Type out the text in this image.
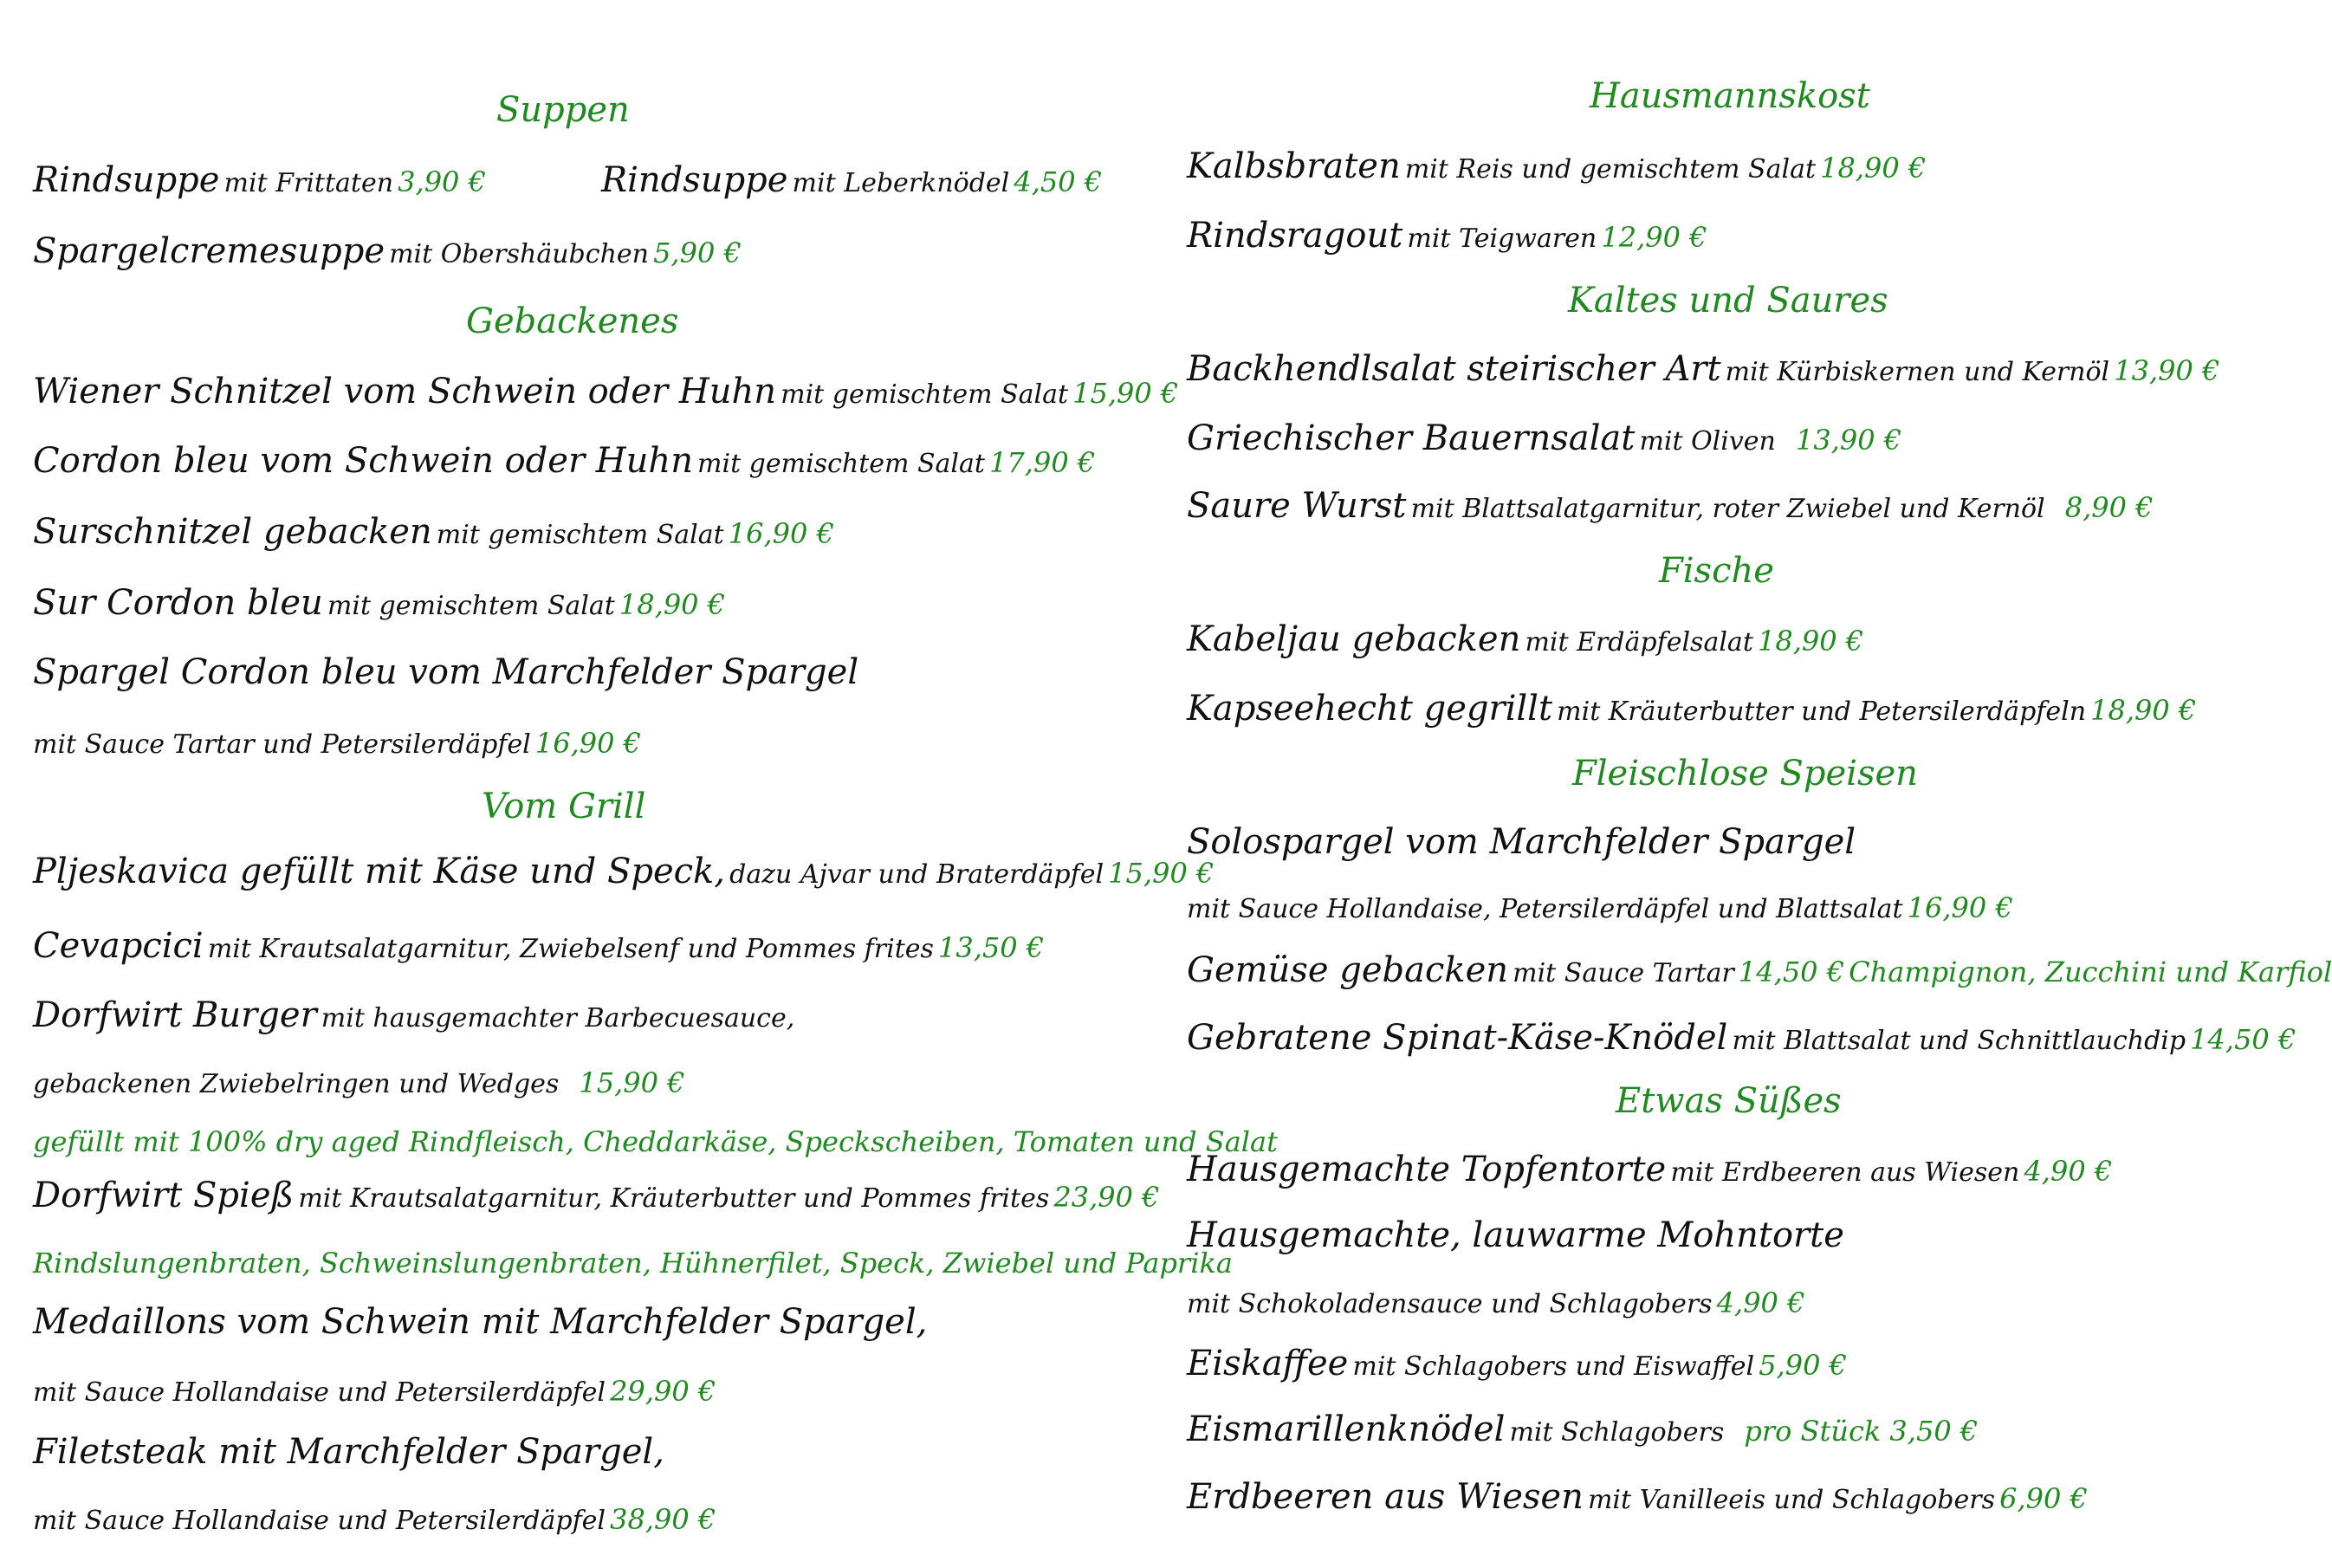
Suppen
Rindsuppe mit Frittaten 3,90 €	Rindsuppe mit Leberknödel 4,50 €
Spargelcremesuppe mit Obershäubchen 5,90 €
Gebackenes
Wiener Schnitzel vom Schwein oder Huhn mit gemischtem Salat 15,90 €
Cordon bleu vom Schwein oder Huhn mit gemischtem Salat 17,90 €
Surschnitzel gebacken mit gemischtem Salat 16,90 €
Sur Cordon bleu mit gemischtem Salat 18,90 €
Spargel Cordon bleu vom Marchfelder Spargel
mit Sauce Tartar und Petersilerdäpfel 16,90 €
Vom Grill
Pljeskavica gefüllt mit Käse und Speck, dazu Ajvar und Braterdäpfel 15,90 €
Cevapcici mit Krautsalatgarnitur, Zwiebelsenf und Pommes frites 13,50 €
Dorfwirt Burger mit hausgemachter Barbecuesauce,
gebackenen Zwiebelringen und Wedges 15,90 €
gefüllt mit 100% dry aged Rindfleisch, Cheddarkäse, Speckscheiben, Tomaten und Salat
Dorfwirt Spieß mit Krautsalatgarnitur, Kräuterbutter und Pommes frites 23,90 €
Rindslungenbraten, Schweinslungenbraten, Hühnerfilet, Speck, Zwiebel und Paprika
Medaillons vom Schwein mit Marchfelder Spargel,
mit Sauce Hollandaise und Petersilerdäpfel 29,90 €
Filetsteak mit Marchfelder Spargel,
mit Sauce Hollandaise und Petersilerdäpfel 38,90 €
Hausmannskost
Kalbsbraten mit Reis und gemischtem Salat 18,90 €
Rindsragout mit Teigwaren 12,90 €
Kaltes und Saures
Backhendlsalat steirischer Art mit Kürbiskernen und Kernöl 13,90 €
Griechischer Bauernsalat mit Oliven 13,90 €
Saure Wurst mit Blattsalatgarnitur, roter Zwiebel und Kernöl 8,90 €
Fische
Kabeljau gebacken mit Erdäpfelsalat 18,90 €
Kapseehecht gegrillt mit Kräuterbutter und Petersilerdäpfeln 18,90 €
Fleischlose Speisen
Solospargel vom Marchfelder Spargel
mit Sauce Hollandaise, Petersilerdäpfel und Blattsalat 16,90 €
Gemüse gebacken mit Sauce Tartar 14,50 € Champignon, Zucchini und Karfiol
Gebratene Spinat-Käse-Knödel mit Blattsalat und Schnittlauchdip 14,50 €
Etwas Süßes
Hausgemachte Topfentorte mit Erdbeeren aus Wiesen 4,90 €
Hausgemachte, lauwarme Mohntorte
mit Schokoladensauce und Schlagobers 4,90 €
Eiskaffee mit Schlagobers und Eiswaffel 5,90 €
Eismarillenknödel mit Schlagobers pro Stück 3,50 €
Erdbeeren aus Wiesen mit Vanilleeis und Schlagobers 6,90 €
